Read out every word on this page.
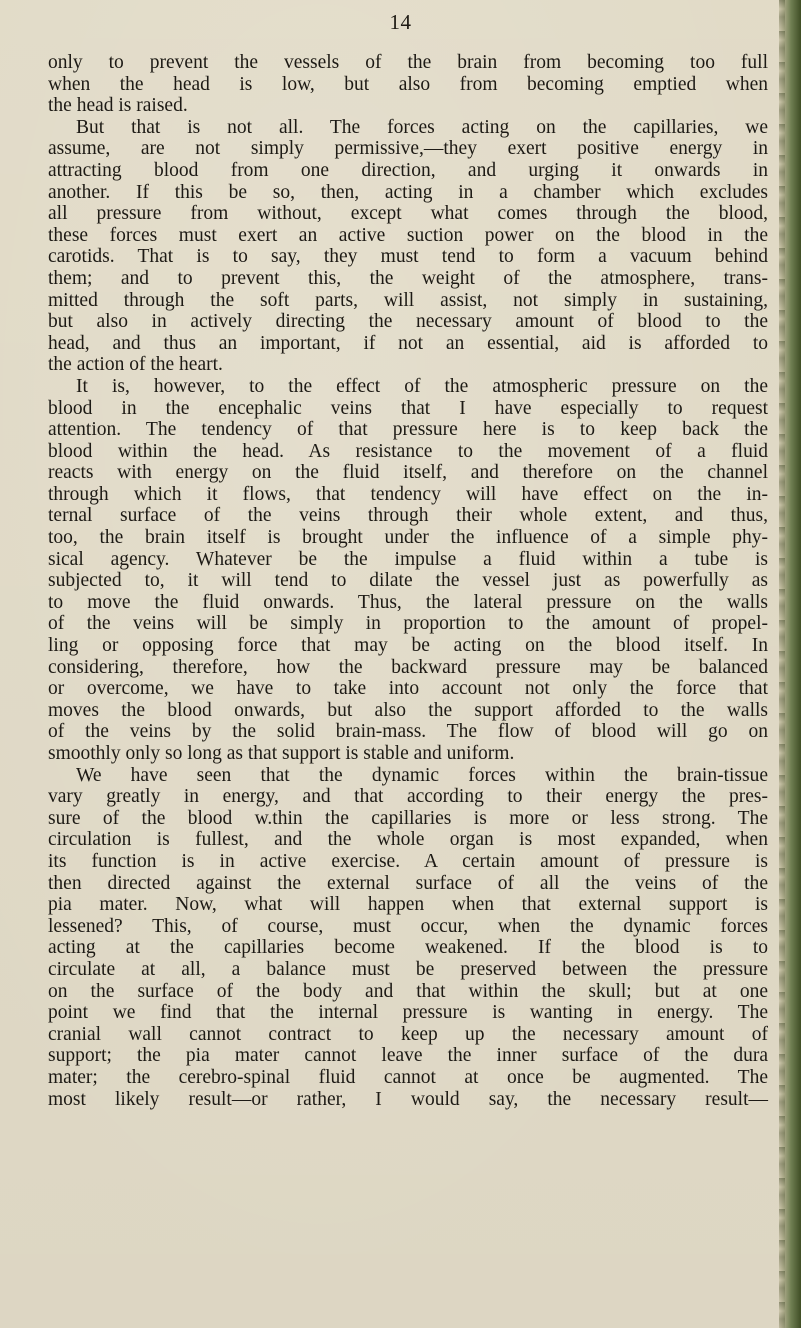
14
only to prevent the vessels of the brain from becoming too full
when the head is low, but also from becoming emptied when
the head is raised.
But that is not all. The forces acting on the capillaries, we
assume, are not simply permissive,—they exert positive energy in
attracting blood from one direction, and urging it onwards in
another. If this be so, then, acting in a chamber which excludes
all pressure from without, except what comes through the blood,
these forces must exert an active suction power on the blood in the
carotids. That is to say, they must tend to form a vacuum behind
them; and to prevent this, the weight of the atmosphere, trans-
mitted through the soft parts, will assist, not simply in sustaining,
but also in actively directing the necessary amount of blood to the
head, and thus an important, if not an essential, aid is afforded to
the action of the heart.
It is, however, to the effect of the atmospheric pressure on the
blood in the encephalic veins that I have especially to request
attention. The tendency of that pressure here is to keep back the
blood within the head. As resistance to the movement of a fluid
reacts with energy on the fluid itself, and therefore on the channel
through which it flows, that tendency will have effect on the in-
ternal surface of the veins through their whole extent, and thus,
too, the brain itself is brought under the influence of a simple phy-
sical agency. Whatever be the impulse a fluid within a tube is
subjected to, it will tend to dilate the vessel just as powerfully as
to move the fluid onwards. Thus, the lateral pressure on the walls
of the veins will be simply in proportion to the amount of propel-
ling or opposing force that may be acting on the blood itself. In
considering, therefore, how the backward pressure may be balanced
or overcome, we have to take into account not only the force that
moves the blood onwards, but also the support afforded to the walls
of the veins by the solid brain-mass. The flow of blood will go on
smoothly only so long as that support is stable and uniform.
We have seen that the dynamic forces within the brain-tissue
vary greatly in energy, and that according to their energy the pres-
sure of the blood w.thin the capillaries is more or less strong. The
circulation is fullest, and the whole organ is most expanded, when
its function is in active exercise. A certain amount of pressure is
then directed against the external surface of all the veins of the
pia mater. Now, what will happen when that external support is
lessened? This, of course, must occur, when the dynamic forces
acting at the capillaries become weakened. If the blood is to
circulate at all, a balance must be preserved between the pressure
on the surface of the body and that within the skull; but at one
point we find that the internal pressure is wanting in energy. The
cranial wall cannot contract to keep up the necessary amount of
support; the pia mater cannot leave the inner surface of the dura
mater; the cerebro-spinal fluid cannot at once be augmented. The
most likely result—or rather, I would say, the necessary result—
